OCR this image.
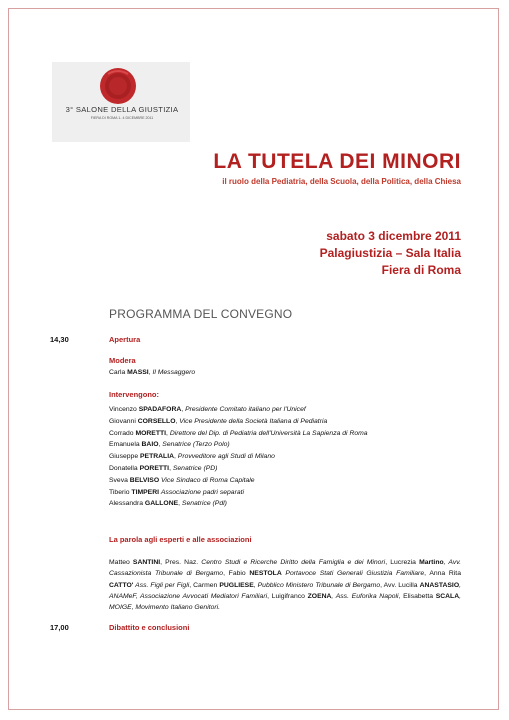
3° SALONE DELLA GIUSTIZIA
FIERA DI ROMA 1- 4 DICEMBRE 2011
LA TUTELA DEI MINORI
il ruolo della Pediatria, della Scuola, della Politica, della Chiesa
sabato 3 dicembre 2011
Palagiustizia – Sala Italia
Fiera di Roma
PROGRAMMA DEL CONVEGNO
14,30	Apertura
Modera
Carla MASSI, Il Messaggero
Intervengono:
Vincenzo SPADAFORA, Presidente Comitato italiano per l'Unicef
Giovanni CORSELLO, Vice Presidente della Società Italiana di Pediatria
Corrado MORETTI, Direttore del Dip. di Pediatria dell'Università La Sapienza di Roma
Emanuela BAIO, Senatrice (Terzo Polo)
Giuseppe PETRALIA, Provveditore agli Studi di Milano
Donatella PORETTI, Senatrice (PD)
Sveva BELVISO Vice Sindaco di Roma Capitale
Tiberio TIMPERI Associazione padri separati
Alessandra GALLONE, Senatrice (Pdl)
La parola agli esperti e alle associazioni
Matteo SANTINI, Pres. Naz. Centro Studi e Ricerche Diritto della Famiglia e dei Minori, Lucrezia Martino, Avv. Cassazionista Tribunale di Bergamo, Fabio NESTOLA Portavoce Stati Generali Giustizia Familiare, Anna Rita CATTO' Ass. Figli per Figli, Carmen PUGLIESE, Pubblico Ministero Tribunale di Bergamo, Avv. Lucilla ANASTASIO, ANAMeF, Associazione Avvocati Mediatori Familiari, Luigifranco ZOENA, Ass. Euforika Napoli, Elisabetta SCALA, MOIGE, Movimento Italiano Genitori.
17,00	Dibattito e conclusioni
